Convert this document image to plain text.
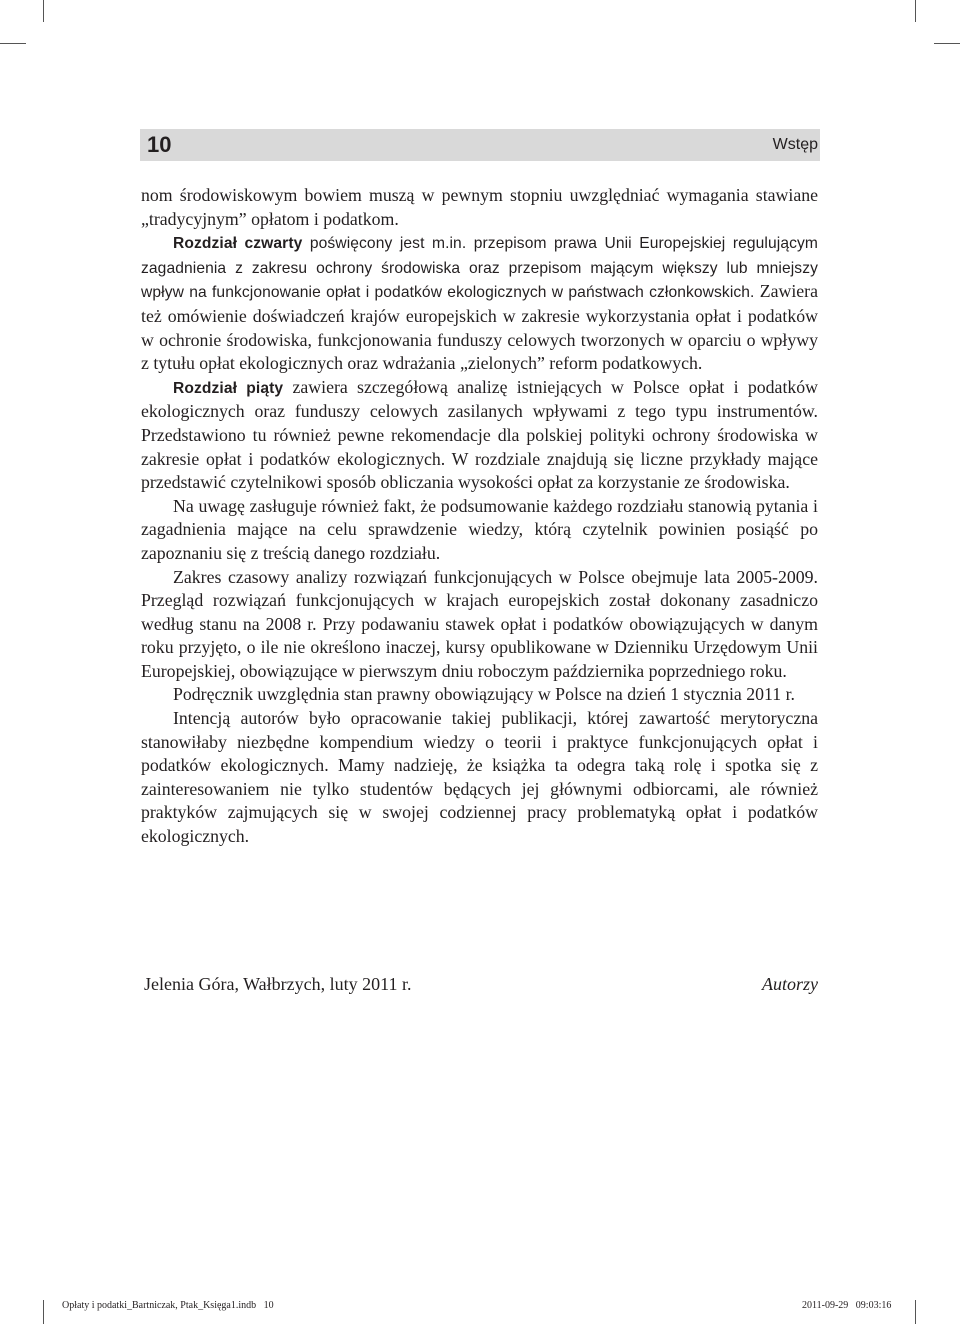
10	Wstęp

nom środowiskowym bowiem muszą w pewnym stopniu uwzględniać wymagania stawiane „tradycyjnym” opłatom i podatkom.

Rozdział czwarty poświęcony jest m.in. przepisom prawa Unii Europejskiej regulującym zagadnienia z zakresu ochrony środowiska oraz przepisom mającym większy lub mniejszy wpływ na funkcjonowanie opłat i podatków ekologicznych w państwach członkowskich. Zawiera też omówienie doświadczeń krajów europejskich w zakresie wykorzystania opłat i podatków w ochronie środowiska, funkcjonowania funduszy celowych tworzonych w oparciu o wpływy z tytułu opłat ekologicznych oraz wdrażania „zielonych” reform podatkowych.

Rozdział piąty zawiera szczegółową analizę istniejących w Polsce opłat i podatków ekologicznych oraz funduszy celowych zasilanych wpływami z tego typu instrumentów. Przedstawiono tu również pewne rekomendacje dla polskiej polityki ochrony środowiska w zakresie opłat i podatków ekologicznych. W rozdziale znajdują się liczne przykłady mające przedstawić czytelnikowi sposób obliczania wysokości opłat za korzystanie ze środowiska.

Na uwagę zasługuje również fakt, że podsumowanie każdego rozdziału stanowią pytania i zagadnienia mające na celu sprawdzenie wiedzy, którą czytelnik powinien posiąść po zapoznaniu się z treścią danego rozdziału.

Zakres czasowy analizy rozwiązań funkcjonujących w Polsce obejmuje lata 2005-2009. Przegląd rozwiązań funkcjonujących w krajach europejskich został dokonany zasadniczo według stanu na 2008 r. Przy podawaniu stawek opłat i podatków obowiązujących w danym roku przyjęto, o ile nie określono inaczej, kursy opublikowane w Dzienniku Urzędowym Unii Europejskiej, obowiązujące w pierwszym dniu roboczym października poprzedniego roku.

Podręcznik uwzględnia stan prawny obowiązujący w Polsce na dzień 1 stycznia 2011 r.

Intencją autorów było opracowanie takiej publikacji, której zawartość merytoryczna stanowiłaby niezbędne kompendium wiedzy o teorii i praktyce funkcjonujących opłat i podatków ekologicznych. Mamy nadzieję, że książka ta odegra taką rolę i spotka się z zainteresowaniem nie tylko studentów będących jej głównymi odbiorcami, ale również praktyków zajmujących się w swojej codziennej pracy problematyką opłat i podatków ekologicznych.

Jelenia Góra, Wałbrzych, luty 2011 r.	Autorzy
Opłaty i podatki_Bartniczak, Ptak_Księga1.indb   10	2011-09-29   09:03:16
